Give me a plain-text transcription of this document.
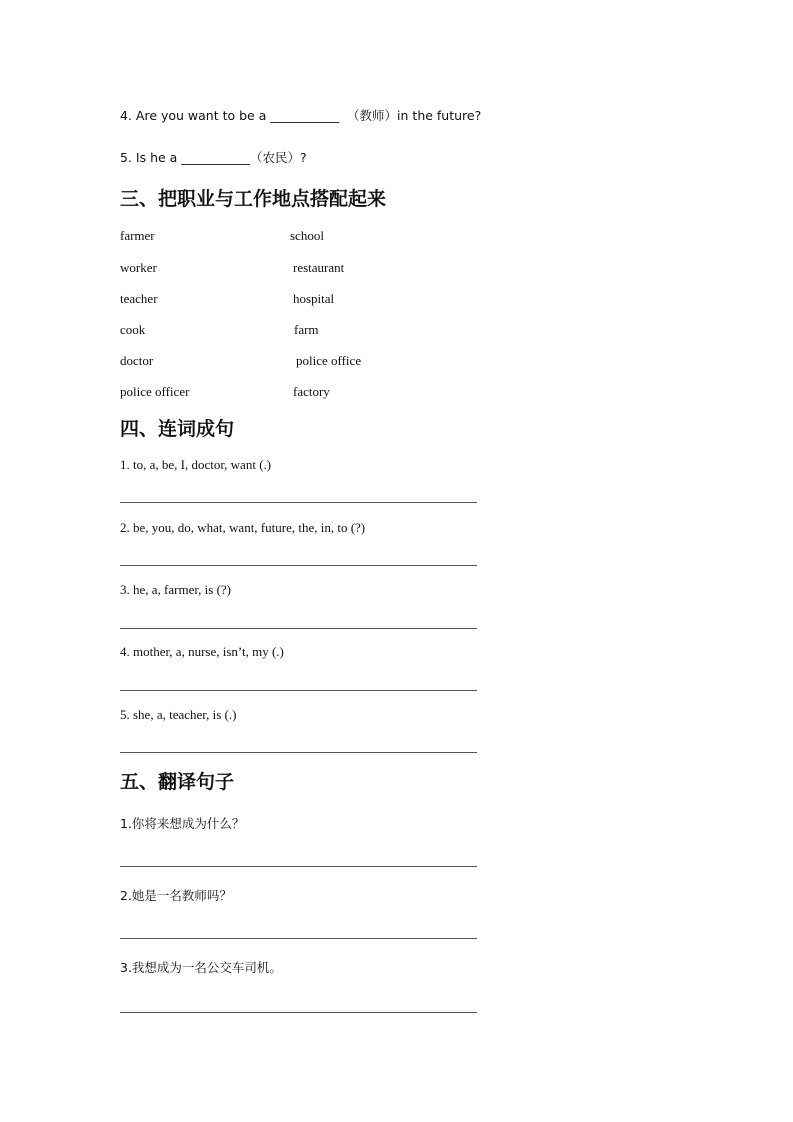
4. Are you want to be a ___________  （教师）in the future?
5. Is he a ___________（农民）?
三、把职业与工作地点搭配起来
farmer
worker
teacher
cook
doctor
police officer
school
restaurant
hospital
farm
police office
factory
四、连词成句
1. to, a, be, I, doctor, want (.)
2. be, you, do, what, want, future, the, in, to (?)
3. he, a, farmer, is (?)
4. mother, a, nurse, isn’t, my (.)
5. she, a, teacher, is (.)
五、翻译句子
1.你将来想成为什么？
2.她是一名教师吗？
3.我想成为一名公交车司机。
